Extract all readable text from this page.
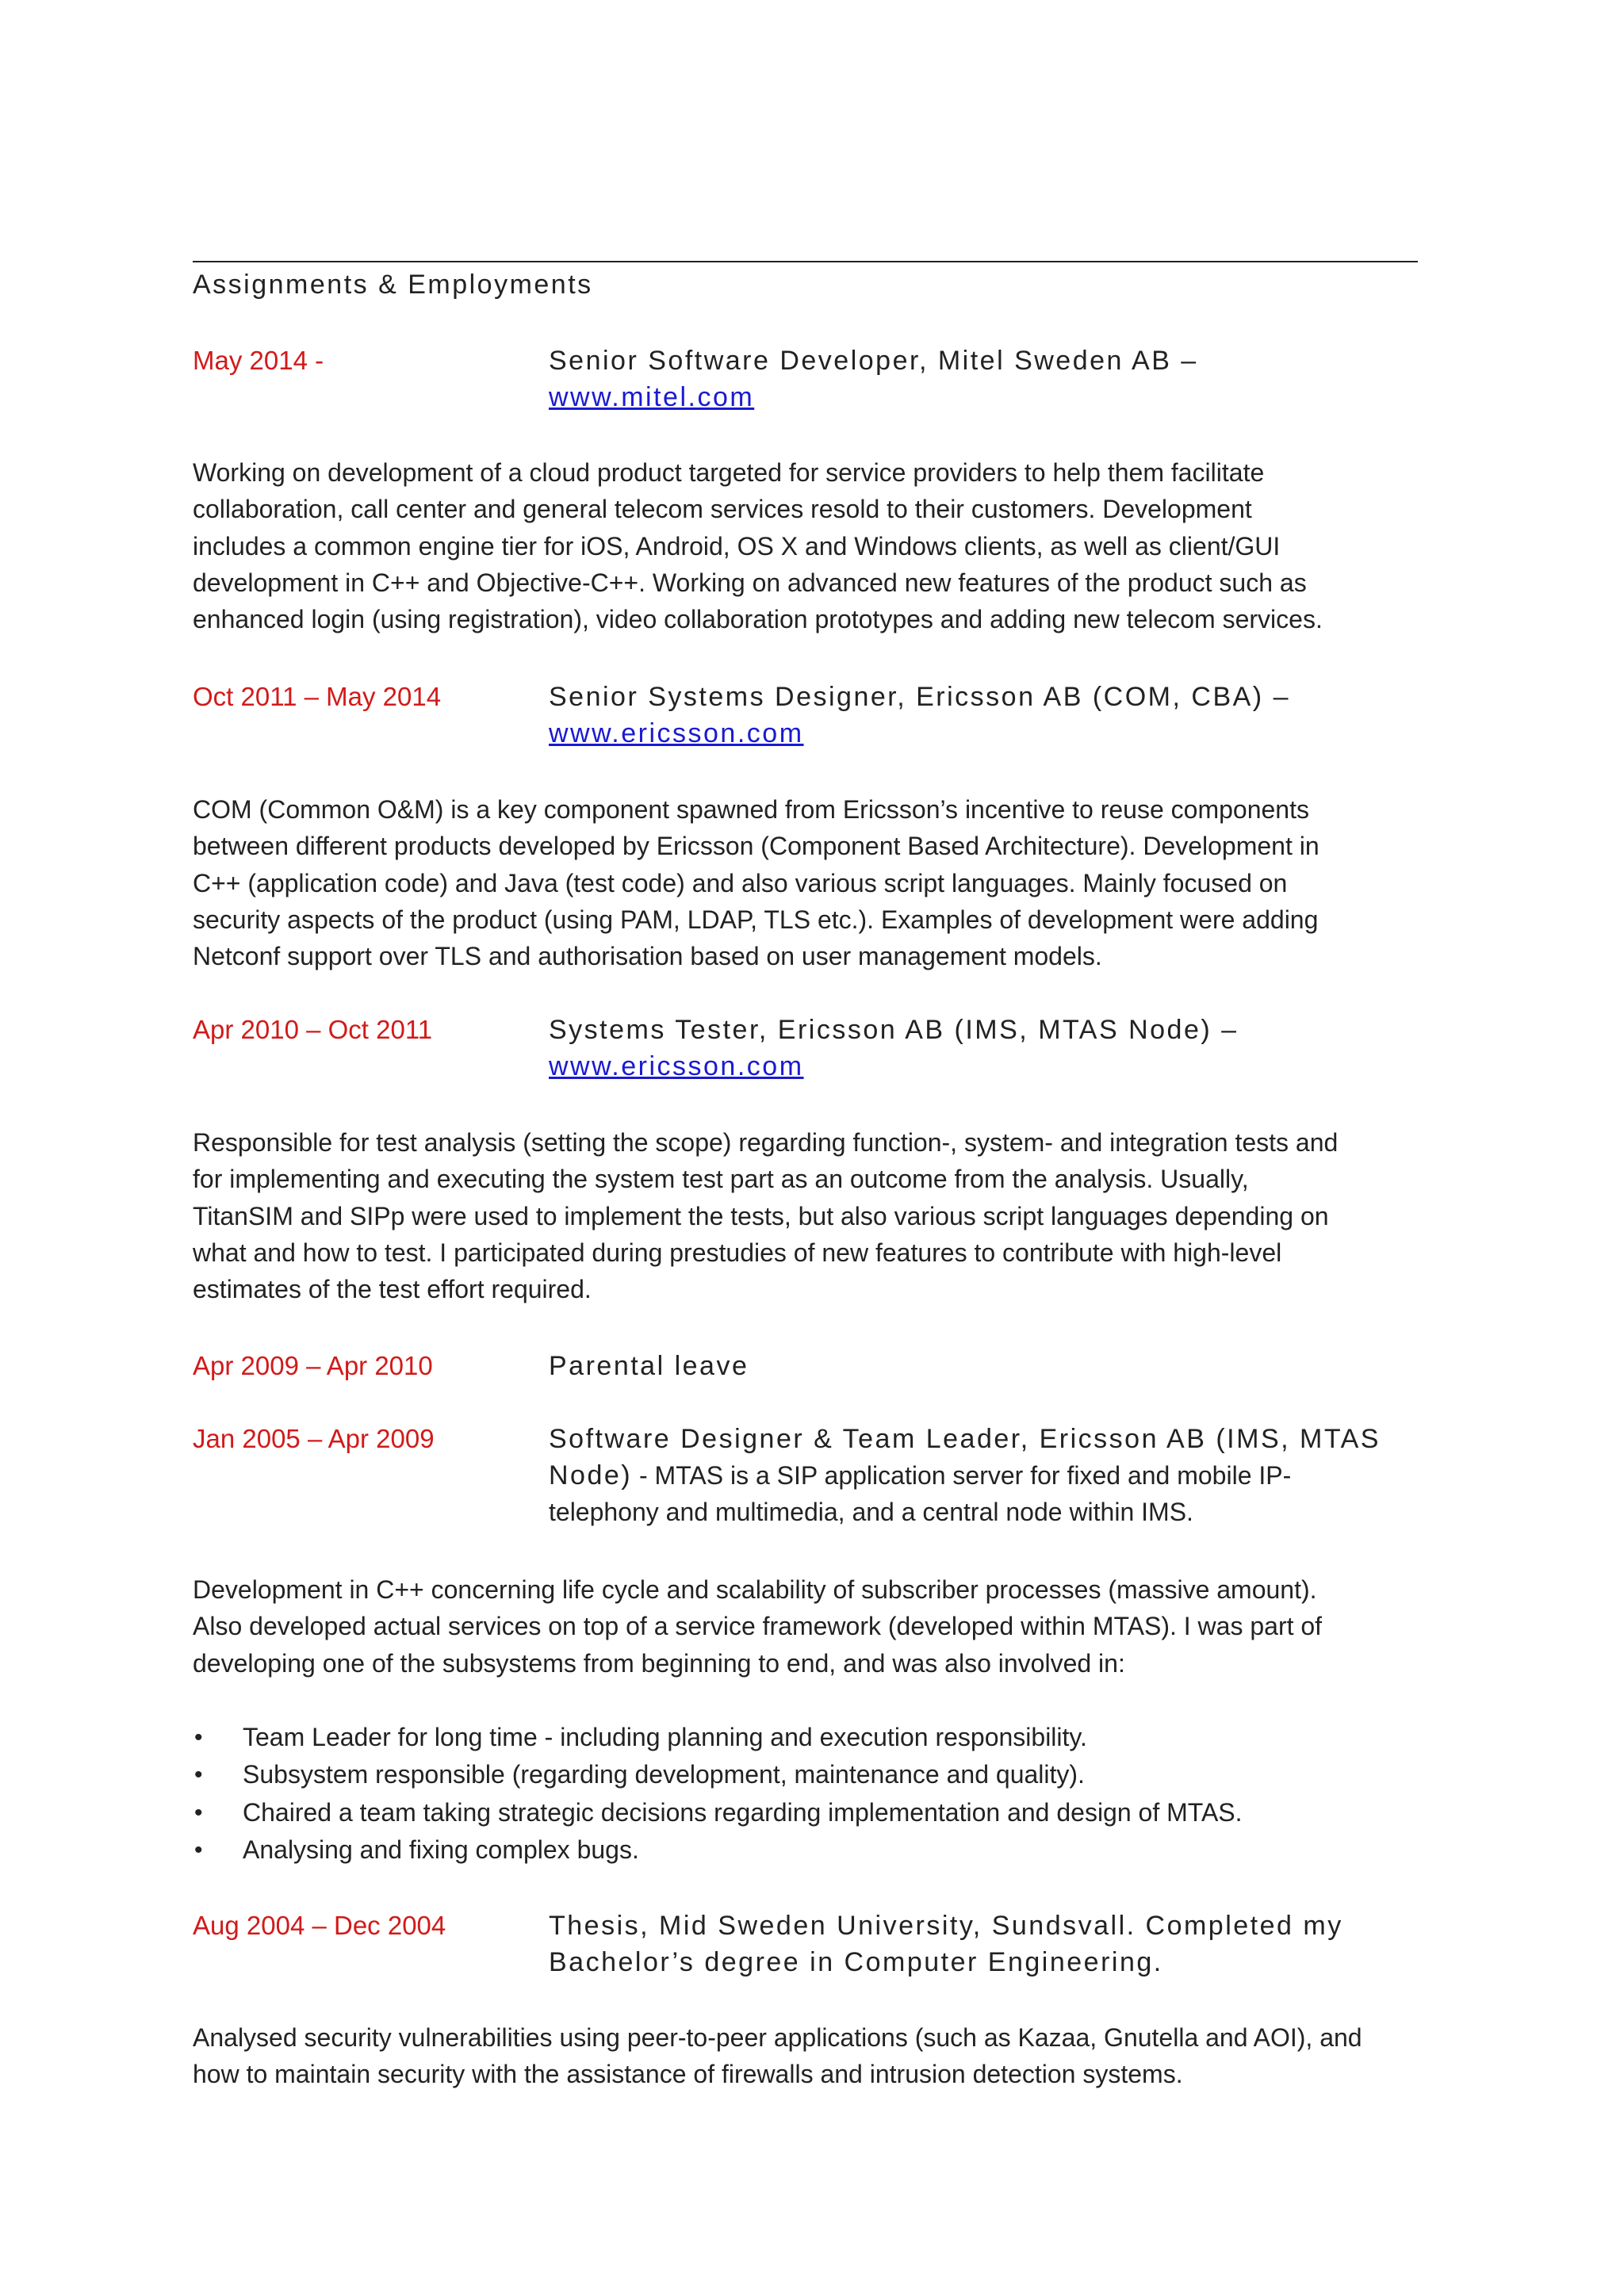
Assignments & Employments
May 2014 -	Senior Software Developer, Mitel Sweden AB –
www.mitel.com
Working on development of a cloud product targeted for service providers to help them facilitate
collaboration, call center and general telecom services resold to their customers. Development
includes a common engine tier for iOS, Android, OS X and Windows clients, as well as client/GUI
development in C++ and Objective-C++. Working on advanced new features of the product such as
enhanced login (using registration), video collaboration prototypes and adding new telecom services.
Oct 2011 – May 2014	Senior Systems Designer, Ericsson AB (COM, CBA) –
www.ericsson.com
COM (Common O&M) is a key component spawned from Ericsson’s incentive to reuse components
between different products developed by Ericsson (Component Based Architecture). Development in
C++ (application code) and Java (test code) and also various script languages. Mainly focused on
security aspects of the product (using PAM, LDAP, TLS etc.). Examples of development were adding
Netconf support over TLS and authorisation based on user management models.
Apr 2010 – Oct 2011	Systems Tester, Ericsson AB (IMS, MTAS Node) –
www.ericsson.com
Responsible for test analysis (setting the scope) regarding function-, system- and integration tests and
for implementing and executing the system test part as an outcome from the analysis. Usually,
TitanSIM and SIPp were used to implement the tests, but also various script languages depending on
what and how to test. I participated during prestudies of new features to contribute with high-level
estimates of the test effort required.
Apr 2009 – Apr 2010	Parental leave
Jan 2005 – Apr 2009	Software Designer & Team Leader, Ericsson AB (IMS, MTAS
Node) - MTAS is a SIP application server for fixed and mobile IP-
telephony and multimedia, and a central node within IMS.
Development in C++ concerning life cycle and scalability of subscriber processes (massive amount).
Also developed actual services on top of a service framework (developed within MTAS). I was part of
developing one of the subsystems from beginning to end, and was also involved in:
• Team Leader for long time - including planning and execution responsibility.
• Subsystem responsible (regarding development, maintenance and quality).
• Chaired a team taking strategic decisions regarding implementation and design of MTAS.
• Analysing and fixing complex bugs.
Aug 2004 – Dec 2004	Thesis, Mid Sweden University, Sundsvall. Completed my
Bachelor’s degree in Computer Engineering.
Analysed security vulnerabilities using peer-to-peer applications (such as Kazaa, Gnutella and AOI), and
how to maintain security with the assistance of firewalls and intrusion detection systems.
